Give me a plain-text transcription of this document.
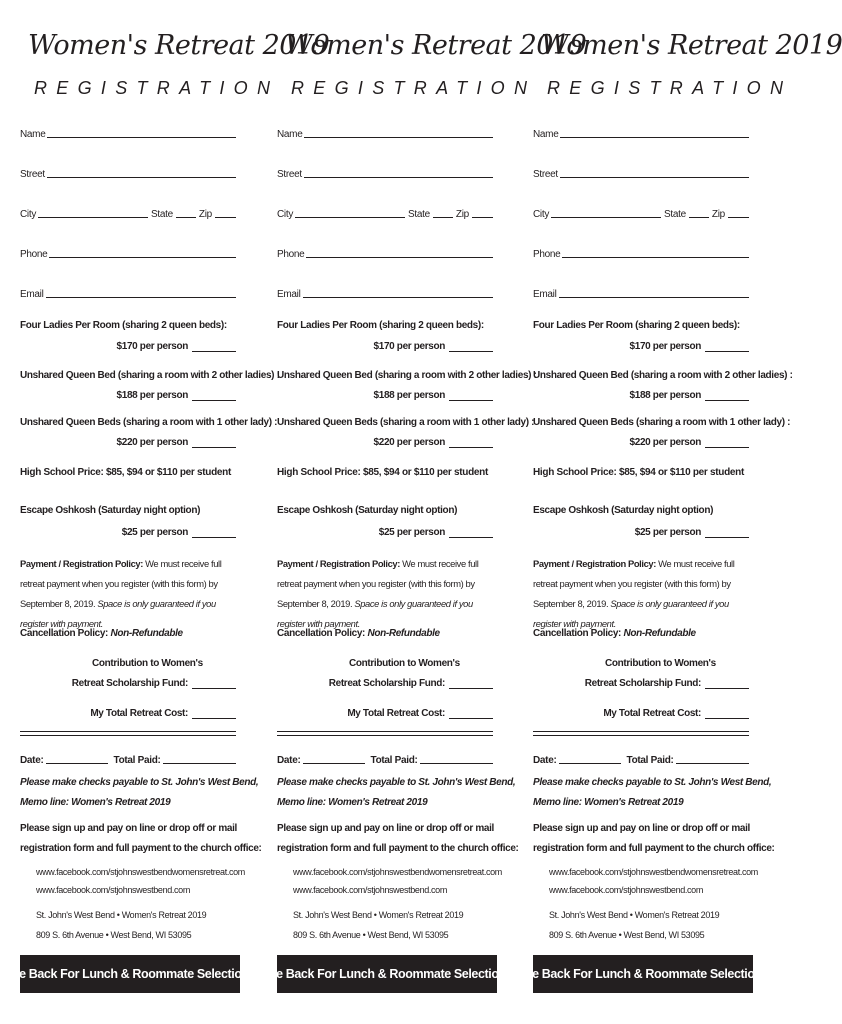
Women's Retreat 2019
REGISTRATION
Name
Street
City	State	Zip
Phone
Email
Four Ladies Per Room (sharing 2 queen beds):
$170 per person
Unshared Queen Bed (sharing a room with 2 other ladies) :
$188 per person
Unshared Queen Beds (sharing a room with 1 other lady) :
$220 per person
High School Price: $85, $94 or $110 per student
Escape Oshkosh (Saturday night option)
$25 per person
Payment / Registration Policy: We must receive full retreat payment when you register (with this form) by September 8, 2019. Space is only guaranteed if you register with payment.
Cancellation Policy: Non-Refundable
Contribution to Women's
Retreat Scholarship Fund:
My Total Retreat Cost:
Date:	Total Paid:
Please make checks payable to St. John's West Bend,
Memo line: Women's Retreat 2019
Please sign up and pay on line or drop off or mail
registration form and full payment to the church office:
www.facebook.com/stjohnswestbendwomensretreat.com
www.facebook.com/stjohnswestbend.com
St. John's West Bend • Women's Retreat 2019
809 S. 6th Avenue • West Bend, WI 53095
See Back For Lunch & Roommate Selections
Women's Retreat 2019
REGISTRATION
Name
Street
City	State	Zip
Phone
Email
Four Ladies Per Room (sharing 2 queen beds):
$170 per person
Unshared Queen Bed (sharing a room with 2 other ladies) :
$188 per person
Unshared Queen Beds (sharing a room with 1 other lady) :
$220 per person
High School Price: $85, $94 or $110 per student
Escape Oshkosh (Saturday night option)
$25 per person
Payment / Registration Policy: We must receive full retreat payment when you register (with this form) by September 8, 2019. Space is only guaranteed if you register with payment.
Cancellation Policy: Non-Refundable
Contribution to Women's
Retreat Scholarship Fund:
My Total Retreat Cost:
Date:	Total Paid:
Please make checks payable to St. John's West Bend,
Memo line: Women's Retreat 2019
Please sign up and pay on line or drop off or mail
registration form and full payment to the church office:
www.facebook.com/stjohnswestbendwomensretreat.com
www.facebook.com/stjohnswestbend.com
St. John's West Bend • Women's Retreat 2019
809 S. 6th Avenue • West Bend, WI 53095
See Back For Lunch & Roommate Selections
Women's Retreat 2019
REGISTRATION
Name
Street
City	State	Zip
Phone
Email
Four Ladies Per Room (sharing 2 queen beds):
$170 per person
Unshared Queen Bed (sharing a room with 2 other ladies) :
$188 per person
Unshared Queen Beds (sharing a room with 1 other lady) :
$220 per person
High School Price: $85, $94 or $110 per student
Escape Oshkosh (Saturday night option)
$25 per person
Payment / Registration Policy: We must receive full retreat payment when you register (with this form) by September 8, 2019. Space is only guaranteed if you register with payment.
Cancellation Policy: Non-Refundable
Contribution to Women's
Retreat Scholarship Fund:
My Total Retreat Cost:
Date:	Total Paid:
Please make checks payable to St. John's West Bend,
Memo line: Women's Retreat 2019
Please sign up and pay on line or drop off or mail
registration form and full payment to the church office:
www.facebook.com/stjohnswestbendwomensretreat.com
www.facebook.com/stjohnswestbend.com
St. John's West Bend • Women's Retreat 2019
809 S. 6th Avenue • West Bend, WI 53095
See Back For Lunch & Roommate Selections
